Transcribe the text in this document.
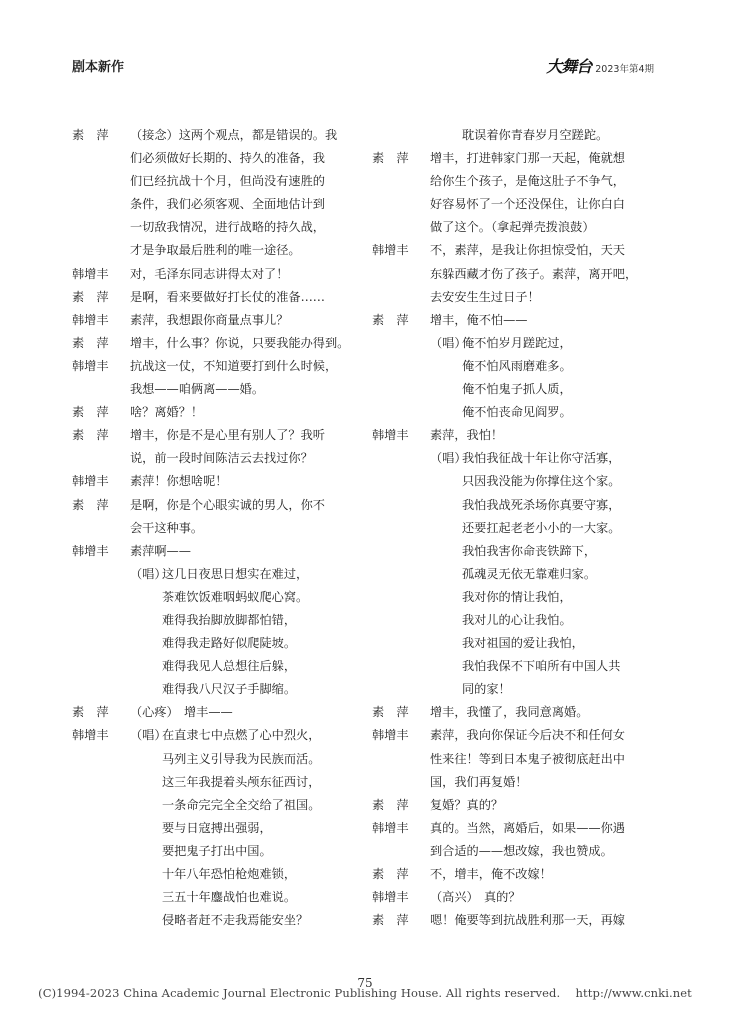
剧本新作	大舞台 2023年第4期
素　萍	（接念）这两个观点，都是错误的。我
们必须做好长期的、持久的准备，我
们已经抗战十个月，但尚没有速胜的
条件，我们必须客观、全面地估计到
一切敌我情况，进行战略的持久战，
才是争取最后胜利的唯一途径。
韩增丰	对，毛泽东同志讲得太对了！
素　萍	是啊，看来要做好打长仗的准备……
韩增丰	素萍，我想跟你商量点事儿？
素　萍	增丰，什么事？你说，只要我能办得到。
韩增丰	抗战这一仗，不知道要打到什么时候，
我想——咱俩离——婚。
素　萍	啥？离婚？！
素　萍	增丰，你是不是心里有别人了？我听
说，前一段时间陈洁云去找过你？
韩增丰	素萍！你想啥呢！
素　萍	是啊，你是个心眼实诚的男人，你不
会干这种事。
韩增丰	素萍啊——
（唱）这几日夜思日想实在难过，
茶难饮饭难咽蚂蚁爬心窝。
难得我抬脚放脚都怕错，
难得我走路好似爬陡坡。
难得我见人总想往后躲，
难得我八尺汉子手脚缩。
素　萍	（心疼） 增丰——
韩增丰	（唱）在直隶七中点燃了心中烈火，
马列主义引导我为民族而活。
这三年我提着头颅东征西讨，
一条命完完全全交给了祖国。
要与日寇搏出强弱，
要把鬼子打出中国。
十年八年恐怕枪炮难锁，
三五十年鏖战怕也难说。
侵略者赶不走我焉能安坐？
耽误着你青春岁月空蹉跎。
素　萍	增丰，打进韩家门那一天起，俺就想
给你生个孩子，是俺这肚子不争气，
好容易怀了一个还没保住，让你白白
做了这个。（拿起弹壳拨浪鼓）
韩增丰	不，素萍，是我让你担惊受怕，天天
东躲西藏才伤了孩子。素萍，离开吧，
去安安生生过日子！
素　萍	增丰，俺不怕——
（唱）俺不怕岁月蹉跎过，
俺不怕风雨磨难多。
俺不怕鬼子抓人质，
俺不怕丧命见阎罗。
韩增丰	素萍，我怕！
（唱）我怕我征战十年让你守活寡，
只因我没能为你撑住这个家。
我怕我战死杀场你真要守寡，
还要扛起老老小小的一大家。
我怕我害你命丧铁蹄下，
孤魂灵无依无靠难归家。
我对你的情让我怕，
我对儿的心让我怕。
我对祖国的爱让我怕，
我怕我保不下咱所有中国人共
同的家！
素　萍	增丰，我懂了，我同意离婚。
韩增丰	素萍，我向你保证今后决不和任何女
性来往！等到日本鬼子被彻底赶出中
国，我们再复婚！
素　萍	复婚？真的？
韩增丰	真的。当然，离婚后，如果——你遇
到合适的——想改嫁，我也赞成。
素　萍	不，增丰，俺不改嫁！
韩增丰	（高兴） 真的？
素　萍	嗯！俺要等到抗战胜利那一天，再嫁
75
(C)1994-2023 China Academic Journal Electronic Publishing House. All rights reserved.　 http://www.cnki.net
